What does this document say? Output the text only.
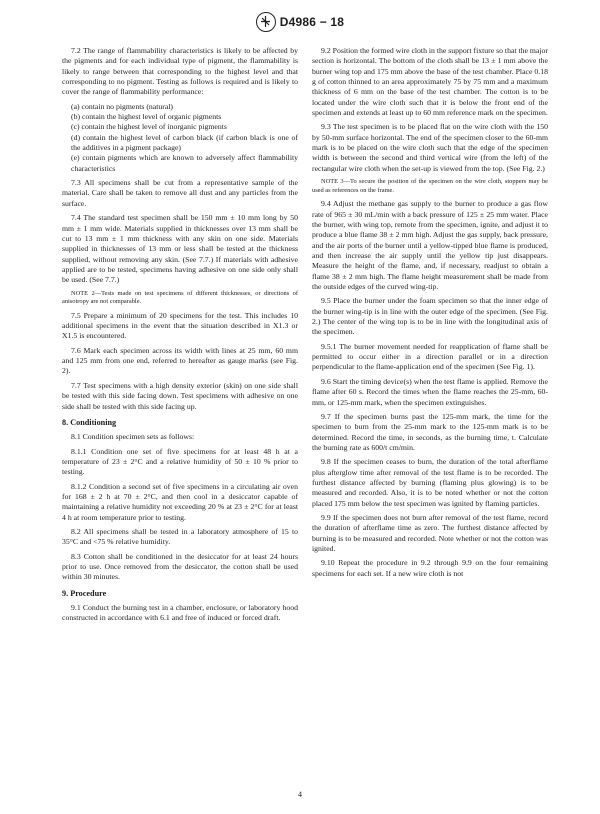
D4986 − 18

7.2 The range of flammability characteristics is likely to be affected by the pigments and for each individual type of pigment, the flammability is likely to range between that corresponding to the highest level and that corresponding to no pigment. Testing as follows is required and is likely to cover the range of flammability performance:

(a) contain no pigments (natural)

(b) contain the highest level of organic pigments

(c) contain the highest level of inorganic pigments

(d) contain the highest level of carbon black (if carbon black is one of the additives in a pigment package)

(e) contain pigments which are known to adversely affect flammability characteristics

7.3 All specimens shall be cut from a representative sample of the material. Care shall be taken to remove all dust and any particles from the surface.

7.4 The standard test specimen shall be 150 mm ± 10 mm long by 50 mm ± 1 mm wide. Materials supplied in thicknesses over 13 mm shall be cut to 13 mm ± 1 mm thickness with any skin on one side. Materials supplied in thicknesses of 13 mm or less shall be tested at the thickness supplied, without removing any skin. (See 7.7.) If materials with adhesive applied are to be tested, specimens having adhesive on one side only shall be used. (See 7.7.)

NOTE 2—Tests made on test specimens of different thicknesses, or directions of anisotropy are not comparable.

7.5 Prepare a minimum of 20 specimens for the test. This includes 10 additional specimens in the event that the situation described in X1.3 or X1.5 is encountered.

7.6 Mark each specimen across its width with lines at 25 mm, 60 mm and 125 mm from one end, referred to hereafter as gauge marks (see Fig. 2).

7.7 Test specimens with a high density exterior (skin) on one side shall be tested with this side facing down. Test specimens with adhesive on one side shall be tested with this side facing up.

8. Conditioning

8.1 Condition specimen sets as follows:

8.1.1 Condition one set of five specimens for at least 48 h at a temperature of 23 ± 2°C and a relative humidity of 50 ± 10 % prior to testing.

8.1.2 Condition a second set of five specimens in a circulating air oven for 168 ± 2 h at 70 ± 2°C, and then cool in a desiccator capable of maintaining a relative humidity not exceeding 20 % at 23 ± 2°C for at least 4 h at room temperature prior to testing.

8.2 All specimens shall be tested in a laboratory atmosphere of 15 to 35°C and <75 % relative humidity.

8.3 Cotton shall be conditioned in the desiccator for at least 24 hours prior to use. Once removed from the desiccator, the cotton shall be used within 30 minutes.

9. Procedure

9.1 Conduct the burning test in a chamber, enclosure, or laboratory hood constructed in accordance with 6.1 and free of induced or forced draft.

9.2 Position the formed wire cloth in the support fixture so that the major section is horizontal. The bottom of the cloth shall be 13 ± 1 mm above the burner wing top and 175 mm above the base of the test chamber. Place 0.18 g of cotton thinned to an area approximately 75 by 75 mm and a maximum thickness of 6 mm on the base of the test chamber. The cotton is to be located under the wire cloth such that it is below the front end of the specimen and extends at least up to 60 mm reference mark on the specimen.

9.3 The test specimen is to be placed flat on the wire cloth with the 150 by 50-mm surface horizontal. The end of the specimen closer to the 60-mm mark is to be placed on the wire cloth such that the edge of the specimen width is between the second and third vertical wire (from the left) of the rectangular wire cloth when the set-up is viewed from the top. (See Fig. 2.)

NOTE 3—To secure the position of the specimen on the wire cloth, stoppers may be used as references on the frame.

9.4 Adjust the methane gas supply to the burner to produce a gas flow rate of 965 ± 30 mL/min with a back pressure of 125 ± 25 mm water. Place the burner, with wing top, remote from the specimen, ignite, and adjust it to produce a blue flame 38 ± 2 mm high. Adjust the gas supply, back pressure, and the air ports of the burner until a yellow-tipped blue flame is produced, and then increase the air supply until the yellow tip just disappears. Measure the height of the flame, and, if necessary, readjust to obtain a flame 38 ± 2 mm high. The flame height measurement shall be made from the outside edges of the curved wing-tip.

9.5 Place the burner under the foam specimen so that the inner edge of the burner wing-tip is in line with the outer edge of the specimen. (See Fig. 2.) The center of the wing top is to be in line with the longitudinal axis of the specimen.

9.5.1 The burner movement needed for reapplication of flame shall be permitted to occur either in a direction parallel or in a direction perpendicular to the flame-application end of the specimen (See Fig. 1).

9.6 Start the timing device(s) when the test flame is applied. Remove the flame after 60 s. Record the times when the flame reaches the 25-mm, 60-mm, or 125-mm mark, when the specimen extinguishes.

9.7 If the specimen burns past the 125-mm mark, the time for the specimen to burn from the 25-mm mark to the 125-mm mark is to be determined. Record the time, in seconds, as the burning time, t. Calculate the burning rate as 600/t cm/min.

9.8 If the specimen ceases to burn, the duration of the total afterflame plus afterglow time after removal of the test flame is to be recorded. The furthest distance affected by burning (flaming plus glowing) is to be measured and recorded. Also, it is to be noted whether or not the cotton placed 175 mm below the test specimen was ignited by flaming particles.

9.9 If the specimen does not burn after removal of the test flame, record the duration of afterflame time as zero. The furthest distance affected by burning is to be measured and recorded. Note whether or not the cotton was ignited.

9.10 Repeat the procedure in 9.2 through 9.9 on the four remaining specimens for each set. If a new wire cloth is not

4
